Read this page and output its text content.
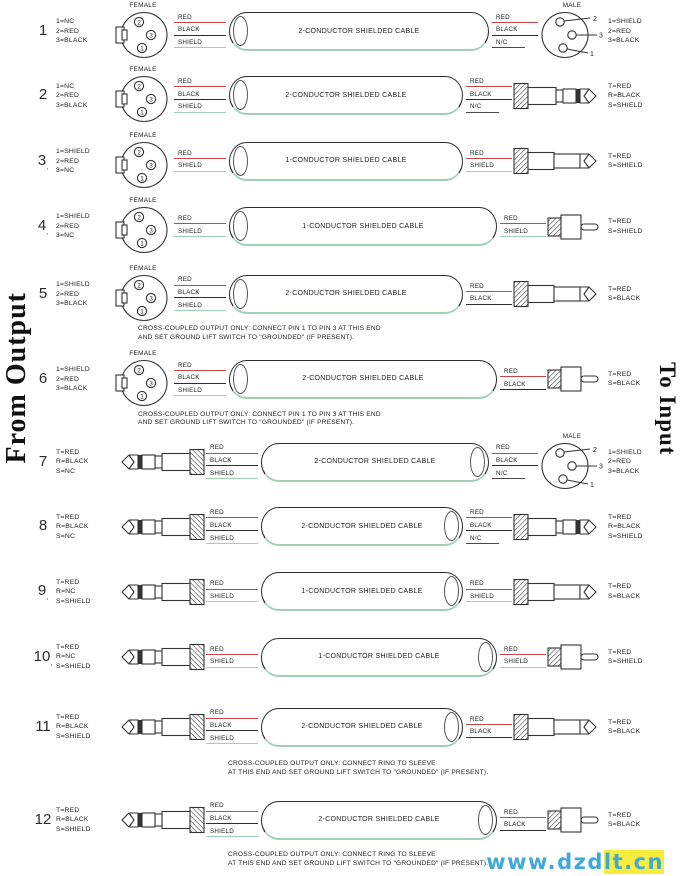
From Output	To Input
1
1=NC
2=RED
3=BLACK
FEMALE
RED
BLACK
SHIELD
2-CONDUCTOR SHIELDED CABLE
RED
BLACK
N/C
MALE
1=SHIELD
2=RED
3=BLACK
2
1=NC
2=RED
3=BLACK
FEMALE
RED
BLACK
SHIELD
2-CONDUCTOR SHIELDED CABLE
RED
BLACK
N/C
T=RED
R=BLACK
S=SHIELD
$3_,$
1=SHIELD
2=RED
3=NC
FEMALE
RED
SHIELD
1-CONDUCTOR SHIELDED CABLE
RED
SHIELD
T=RED
S=SHIELD
$4_,$
1=SHIELD
2=RED
3=NC
FEMALE
RED
SHIELD
1-CONDUCTOR SHIELDED CABLE
RED
SHIELD
T=RED
S=SHIELD
5
1=SHIELD
2=RED
3=BLACK
FEMALE
RED
BLACK
SHIELD
2-CONDUCTOR SHIELDED CABLE
RED
BLACK
T=RED
S=BLACK
CROSS-COUPLED OUTPUT ONLY: CONNECT PIN 1 TO PIN 3 AT THIS END
AND SET GROUND LIFT SWITCH TO "GROUNDED" (IF PRESENT).
6
1=SHIELD
2=RED
3=BLACK
FEMALE
RED
BLACK
SHIELD
2-CONDUCTOR SHIELDED CABLE
RED
BLACK
T=RED
S=BLACK
CROSS-COUPLED OUTPUT ONLY: CONNECT PIN 1 TO PIN 3 AT THIS END
AND SET GROUND LIFT SWITCH TO "GROUNDED" (IF PRESENT).
7
T=RED
R=BLACK
S=NC
RED
BLACK
SHIELD
2-CONDUCTOR SHIELDED CABLE
RED
BLACK
N/C
MALE
1=SHIELD
2=RED
3=BLACK
8
T=RED
R=BLACK
S=NC
RED
BLACK
SHIELD
2-CONDUCTOR SHIELDED CABLE
RED
BLACK
N/C
T=RED
R=BLACK
S=SHIELD
$9_,$
T=RED
R=NC
S=SHIELD
RED
SHIELD
1-CONDUCTOR SHIELDED CABLE
RED
SHIELD
T=RED
S=BLACK
$10_,$
T=RED
R=NC
S=SHIELD
RED
SHIELD
1-CONDUCTOR SHIELDED CABLE
RED
SHIELD
T=RED
S=SHIELD
11
T=RED
R=BLACK
S=SHIELD
RED
BLACK
SHIELD
2-CONDUCTOR SHIELDED CABLE
RED
BLACK
T=RED
S=BLACK
CROSS-COUPLED OUTPUT ONLY: CONNECT RING TO SLEEVE
AT THIS END AND SET GROUND LIFT SWITCH TO "GROUNDED" (IF PRESENT).
12
T=RED
R=BLACK
S=SHIELD
RED
BLACK
SHIELD
2-CONDUCTOR SHIELDED CABLE
RED
BLACK
T=RED
S=BLACK
CROSS-COUPLED OUTPUT ONLY: CONNECT RING TO SLEEVE
AT THIS END AND SET GROUND LIFT SWITCH TO "GROUNDED" (IF PRESENT).
www.dzdlt.cn
